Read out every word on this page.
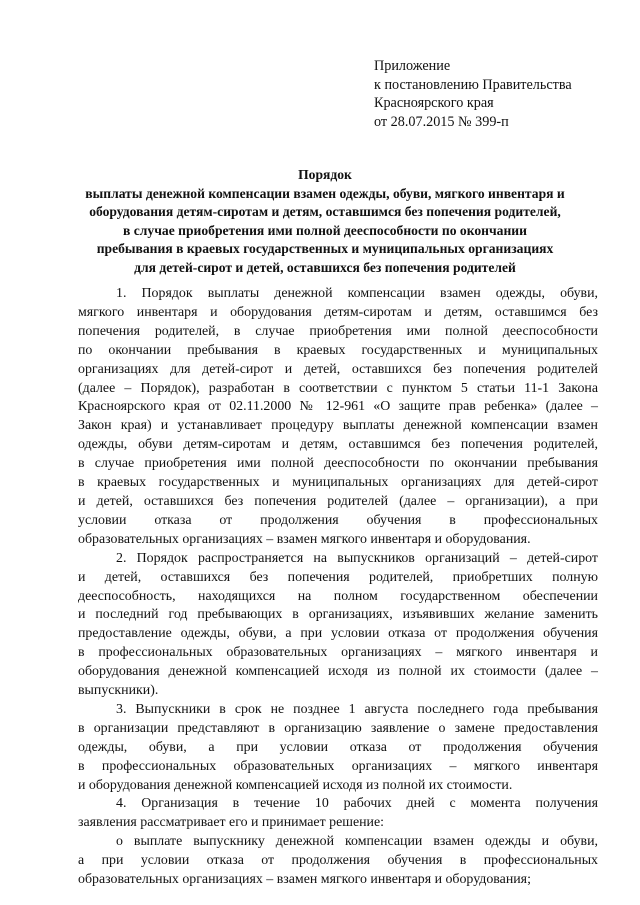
Приложение
к постановлению Правительства
Красноярского края
от 28.07.2015 № 399-п
Порядок
выплаты денежной компенсации взамен одежды, обуви, мягкого инвентаря и
оборудования детям-сиротам и детям, оставшимся без попечения родителей,
в случае приобретения ими полной дееспособности по окончании
пребывания в краевых государственных и муниципальных организациях
для детей-сирот и детей, оставшихся без попечения родителей
1. Порядок выплаты денежной компенсации взамен одежды, обуви,
мягкого инвентаря и оборудования детям-сиротам и детям, оставшимся без
попечения родителей, в случае приобретения ими полной дееспособности
по окончании пребывания в краевых государственных и муниципальных
организациях для детей-сирот и детей, оставшихся без попечения родителей
(далее – Порядок), разработан в соответствии с пунктом 5 статьи 11-1 Закона
Красноярского края от 02.11.2000 № 12-961 «О защите прав ребенка» (далее –
Закон края) и устанавливает процедуру выплаты денежной компенсации взамен
одежды, обуви детям-сиротам и детям, оставшимся без попечения родителей,
в случае приобретения ими полной дееспособности по окончании пребывания
в краевых государственных и муниципальных организациях для детей-сирот
и детей, оставшихся без попечения родителей (далее – организации), а при
условии отказа от продолжения обучения в профессиональных
образовательных организациях – взамен мягкого инвентаря и оборудования.
2. Порядок распространяется на выпускников организаций – детей-сирот
и детей, оставшихся без попечения родителей, приобретших полную
дееспособность, находящихся на полном государственном обеспечении
и последний год пребывающих в организациях, изъявивших желание заменить
предоставление одежды, обуви, а при условии отказа от продолжения обучения
в профессиональных образовательных организациях – мягкого инвентаря и
оборудования денежной компенсацией исходя из полной их стоимости (далее –
выпускники).
3. Выпускники в срок не позднее 1 августа последнего года пребывания
в организации представляют в организацию заявление о замене предоставления
одежды, обуви, а при условии отказа от продолжения обучения
в профессиональных образовательных организациях – мягкого инвентаря
и оборудования денежной компенсацией исходя из полной их стоимости.
4. Организация в течение 10 рабочих дней с момента получения
заявления рассматривает его и принимает решение:
о выплате выпускнику денежной компенсации взамен одежды и обуви,
а при условии отказа от продолжения обучения в профессиональных
образовательных организациях – взамен мягкого инвентаря и оборудования;
